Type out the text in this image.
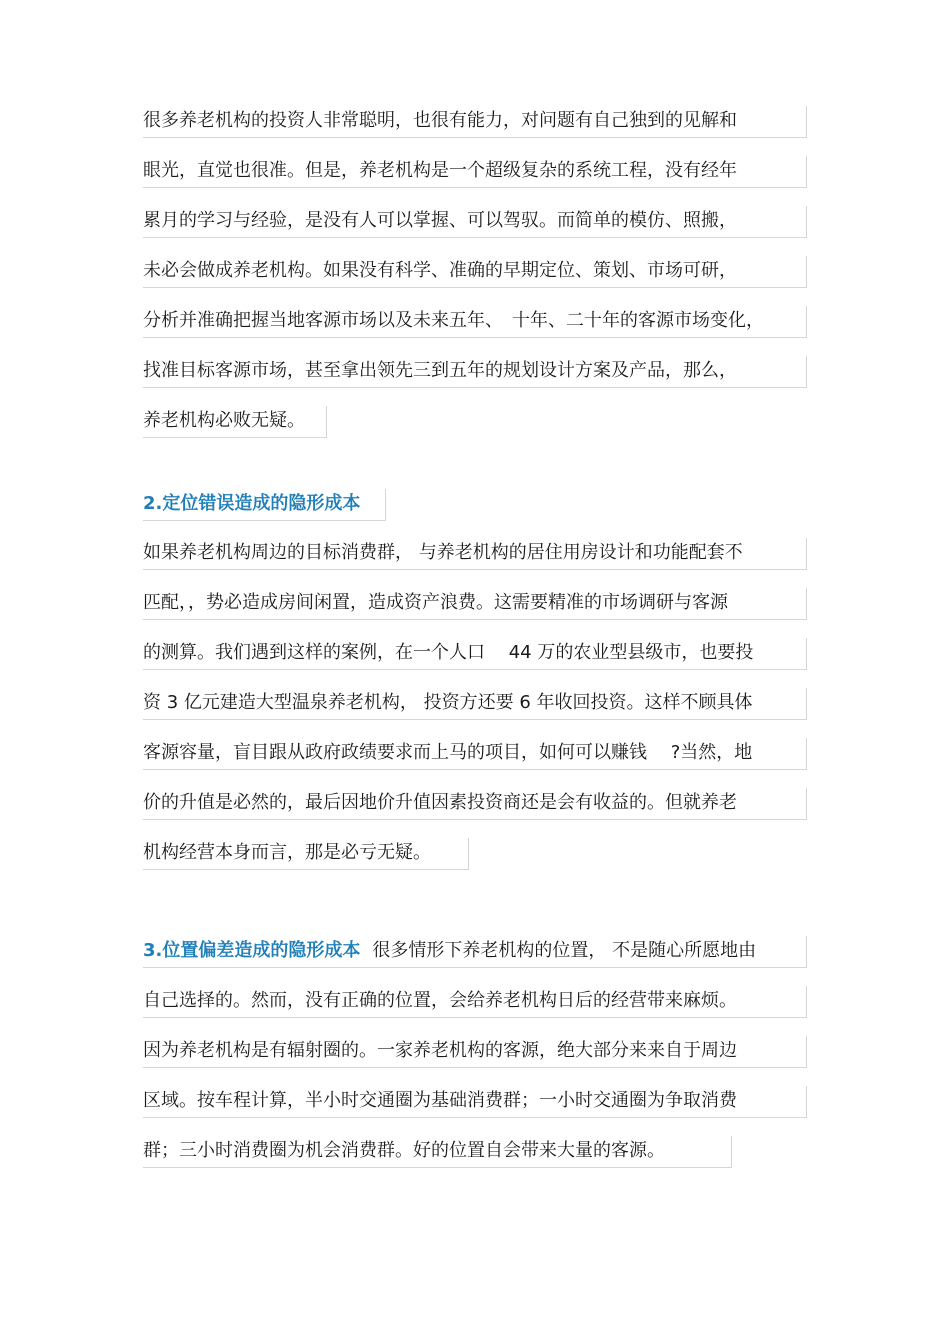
很多养老机构的投资人非常聪明，也很有能力，对问题有自己独到的见解和
眼光，直觉也很准。但是，养老机构是一个超级复杂的系统工程，没有经年
累月的学习与经验，是没有人可以掌握、可以驾驭。而简单的模仿、照搬，
未必会做成养老机构。如果没有科学、准确的早期定位、策划、市场可研，
分析并准确把握当地客源市场以及未来五年、　十年、二十年的客源市场变化，
找准目标客源市场，甚至拿出领先三到五年的规划设计方案及产品，那么，
养老机构必败无疑。
2.定位错误造成的隐形成本
如果养老机构周边的目标消费群， 与养老机构的居住用房设计和功能配套不
匹配，，势必造成房间闲置，造成资产浪费。这需要精准的市场调研与客源
的测算。我们遇到这样的案例，在一个人口　 44 万的农业型县级市，也要投
资 3 亿元建造大型温泉养老机构， 投资方还要 6 年收回投资。这样不顾具体
客源容量，盲目跟从政府政绩要求而上马的项目，如何可以赚钱　 ?当然，地
价的升值是必然的，最后因地价升值因素投资商还是会有收益的。但就养老
机构经营本身而言，那是必亏无疑。
3.位置偏差造成的隐形成本 很多情形下养老机构的位置， 不是随心所愿地由
自己选择的。然而，没有正确的位置，会给养老机构日后的经营带来麻烦。
因为养老机构是有辐射圈的。一家养老机构的客源，绝大部分来来自于周边
区域。按车程计算，半小时交通圈为基础消费群；一小时交通圈为争取消费
群；三小时消费圈为机会消费群。好的位置自会带来大量的客源。
